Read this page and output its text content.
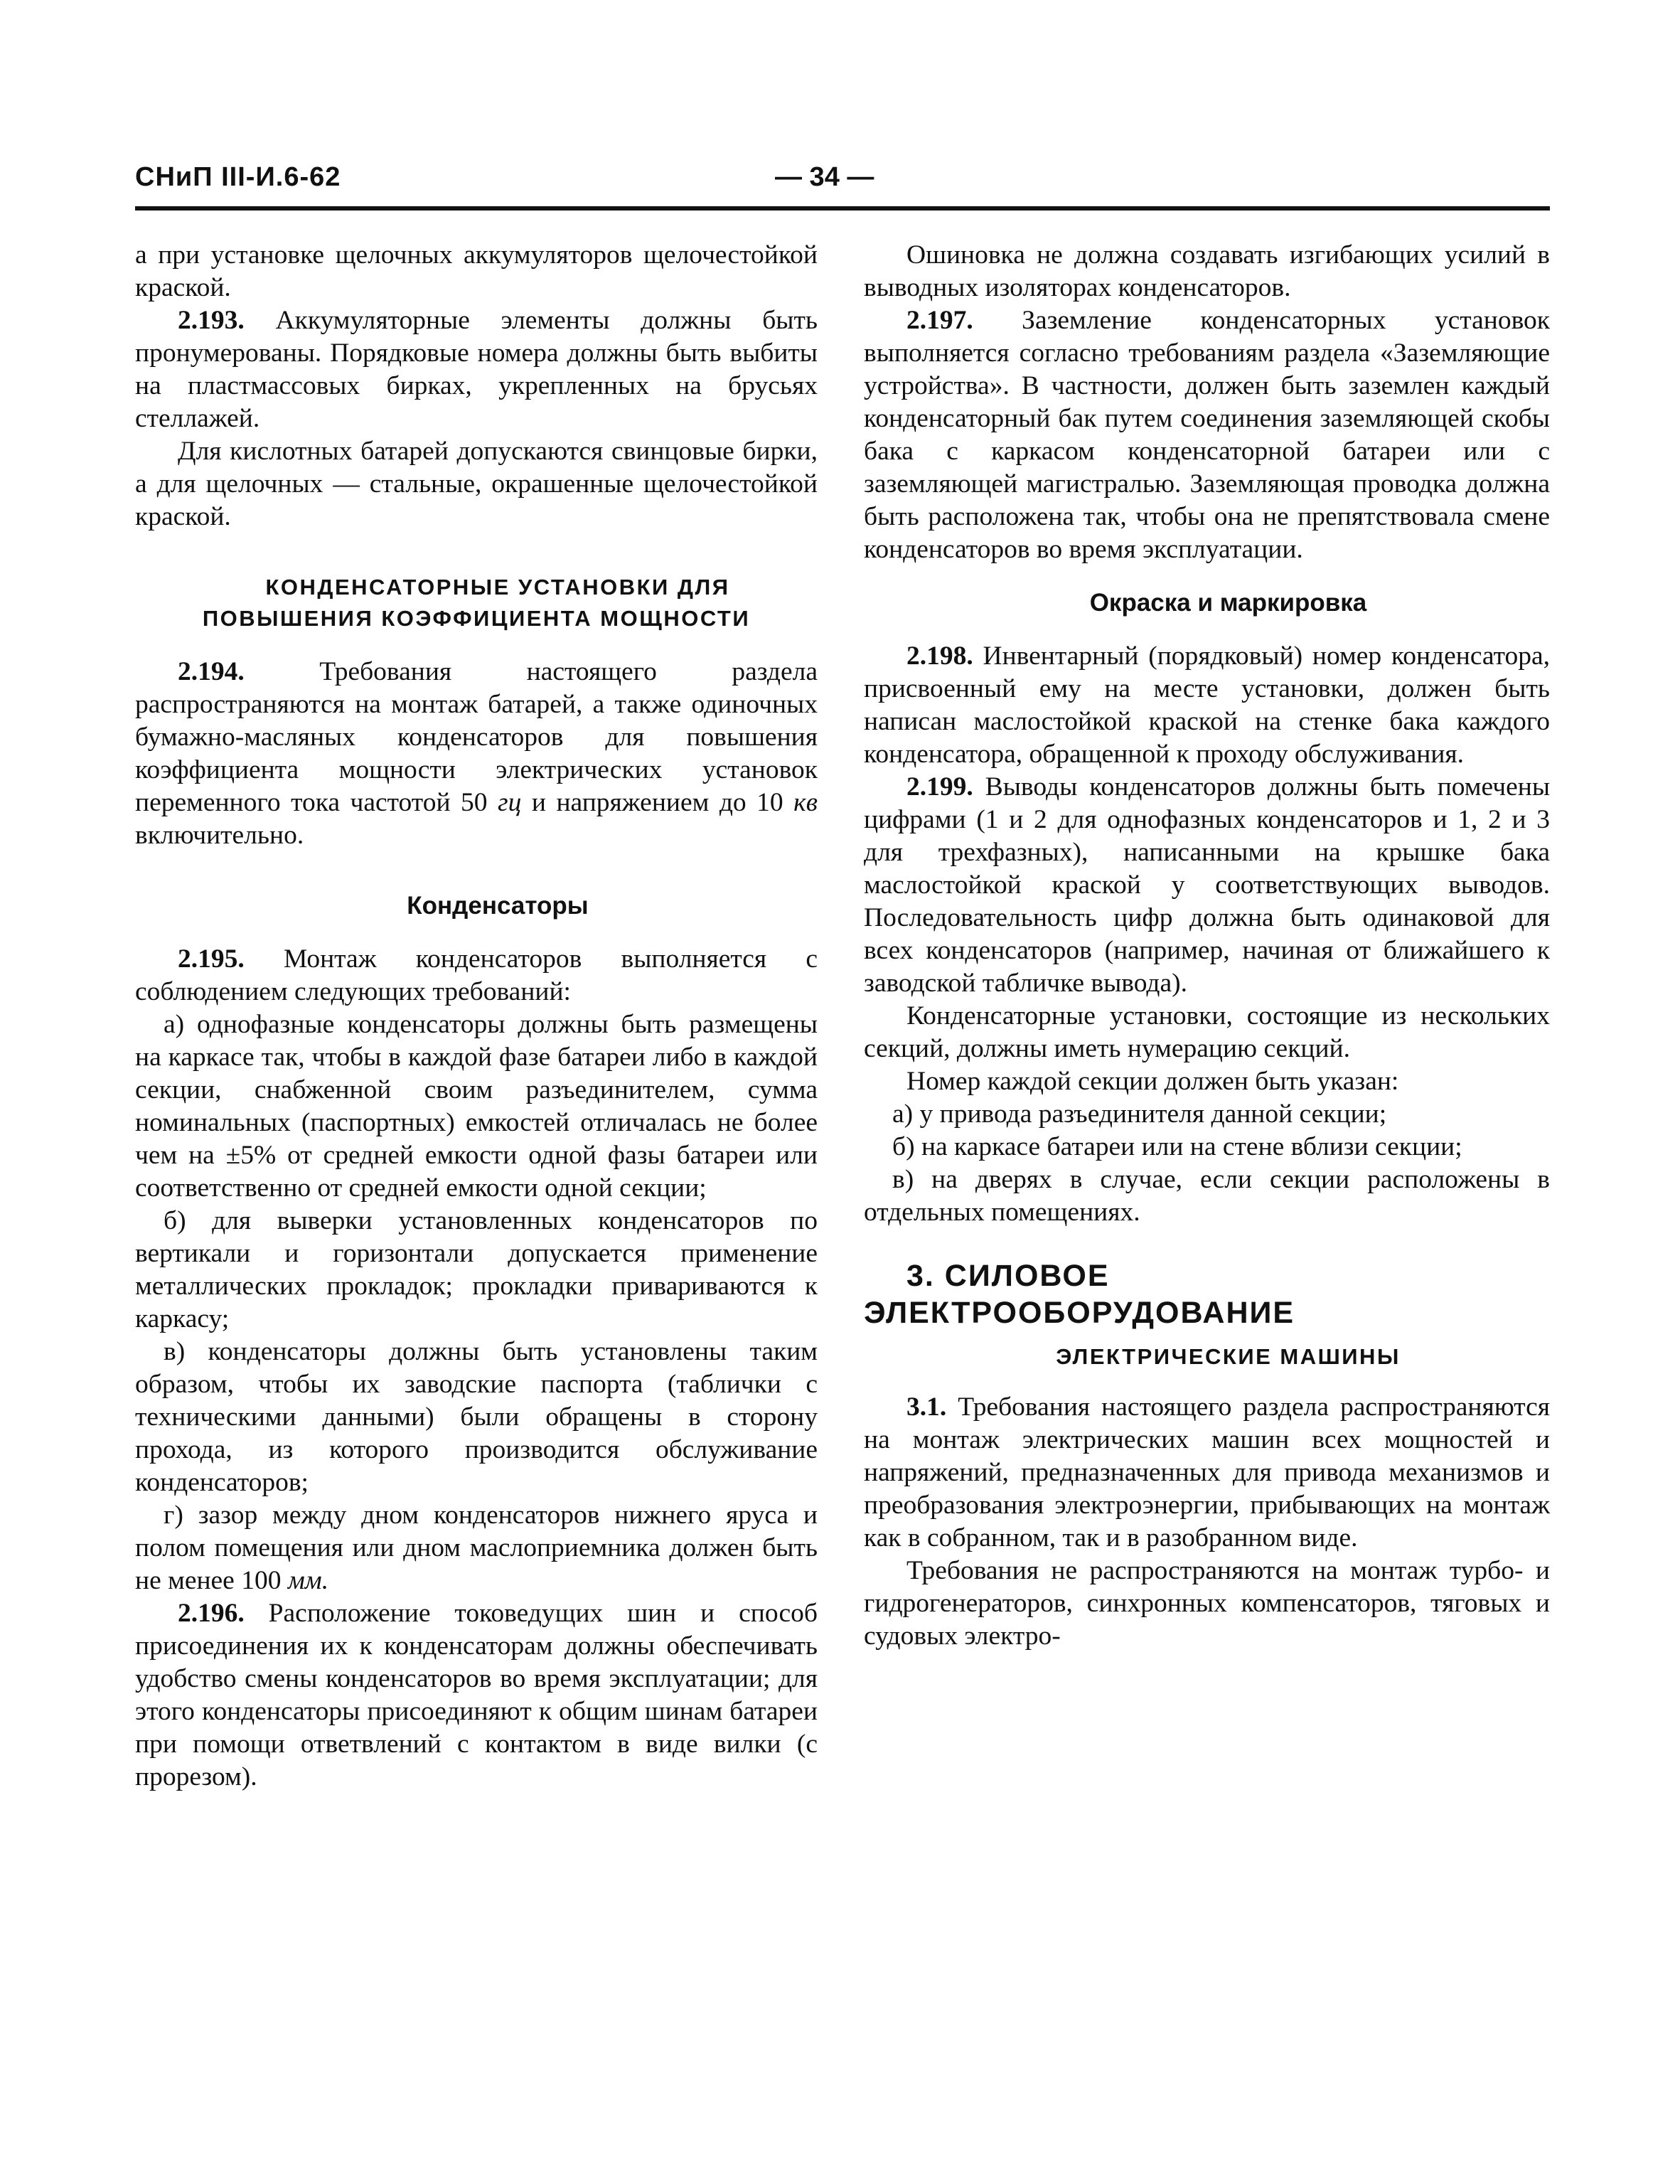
СНиП III-И.6-62	— 34 —

а при установке щелочных аккумуляторов щелочестойкой краской.

2.193. Аккумуляторные элементы должны быть пронумерованы. Порядковые номера должны быть выбиты на пластмассовых бирках, укрепленных на брусьях стеллажей.

Для кислотных батарей допускаются свинцовые бирки, а для щелочных — стальные, окрашенные щелочестойкой краской.

КОНДЕНСАТОРНЫЕ УСТАНОВКИ ДЛЯ ПОВЫШЕНИЯ КОЭФФИЦИЕНТА МОЩНОСТИ

2.194.	Требования настоящего раздела распространяются на монтаж батарей, а также одиночных бумажно-масляных конденсаторов для повышения коэффициента мощности электрических установок переменного тока частотой 50 гц и напряжением до 10 кв включительно.

Конденсаторы

2.195. Монтаж конденсаторов выполняется с соблюдением следующих требований:

а) однофазные конденсаторы должны быть размещены на каркасе так, чтобы в каждой фазе батареи либо в каждой секции, снабженной своим разъединителем, сумма номинальных (паспортных) емкостей отличалась не более чем на ±5% от средней емкости одной фазы батареи или соответственно от средней емкости одной секции;

б) для выверки установленных конденсаторов по вертикали и горизонтали допускается применение металлических прокладок; прокладки привариваются к каркасу;

в) конденсаторы должны быть установлены таким образом, чтобы их заводские паспорта (таблички с техническими данными) были обращены в сторону прохода, из которого производится обслуживание конденсаторов;

г) зазор между дном конденсаторов нижнего яруса и полом помещения или дном маслоприемника должен быть не менее 100 мм.

2.196. Расположение токоведущих шин и способ присоединения их к конденсаторам должны обеспечивать удобство смены конденсаторов во время эксплуатации; для этого конденсаторы присоединяют к общим шинам батареи при помощи ответвлений с контактом в виде вилки (с прорезом).

Ошиновка не должна создавать изгибающих усилий в выводных изоляторах конденсаторов.

2.197. Заземление конденсаторных установок выполняется согласно требованиям раздела «Заземляющие устройства». В частности, должен быть заземлен каждый конденсаторный бак путем соединения заземляющей скобы бака с каркасом конденсаторной батареи или с заземляющей магистралью. Заземляющая проводка должна быть расположена так, чтобы она не препятствовала смене конденсаторов во время эксплуатации.

Окраска и маркировка

2.198. Инвентарный (порядковый) номер конденсатора, присвоенный ему на месте установки, должен быть написан маслостойкой краской на стенке бака каждого конденсатора, обращенной к проходу обслуживания.

2.199. Выводы конденсаторов должны быть помечены цифрами (1 и 2 для однофазных конденсаторов и 1, 2 и 3 для трехфазных), написанными на крышке бака маслостойкой краской у соответствующих выводов. Последовательность цифр должна быть одинаковой для всех конденсаторов (например, начиная от ближайшего к заводской табличке вывода).

Конденсаторные установки, состоящие из нескольких секций, должны иметь нумерацию секций.

Номер каждой секции должен быть указан:

а) у привода разъединителя данной секции;

б) на каркасе батареи или на стене вблизи секции;

в) на дверях в случае, если секции расположены в отдельных помещениях.

3. СИЛОВОЕ ЭЛЕКТРООБОРУДОВАНИЕ

ЭЛЕКТРИЧЕСКИЕ МАШИНЫ

3.1. Требования настоящего раздела распространяются на монтаж электрических машин всех мощностей и напряжений, предназначенных для привода механизмов и преобразования электроэнергии, прибывающих на монтаж как в собранном, так и в разобранном виде.

Требования не распространяются на монтаж турбо- и гидрогенераторов, синхронных компенсаторов, тяговых и судовых электро-
